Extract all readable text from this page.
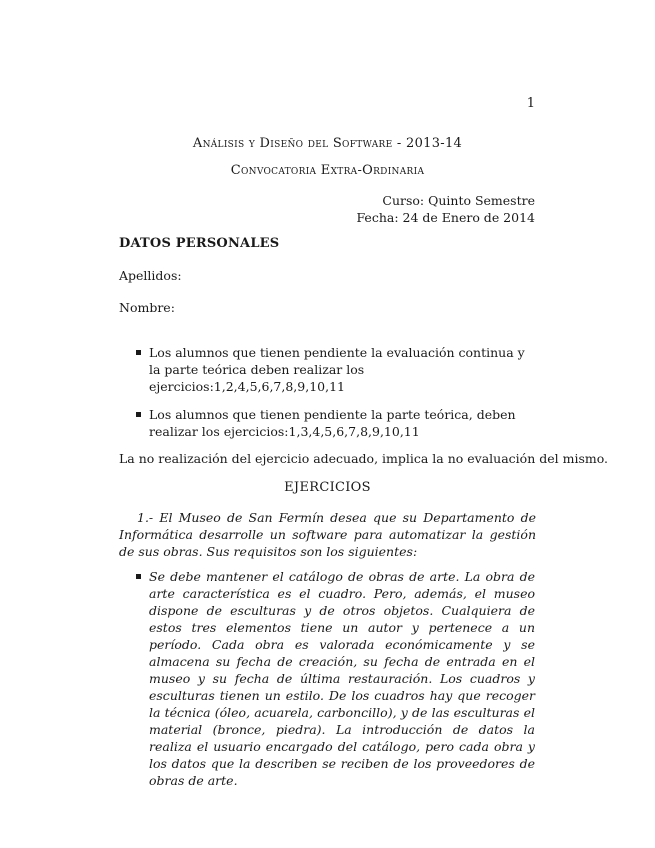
1
Análisis y Diseño del Software - 2013-14
Convocatoria Extra-Ordinaria
Curso: Quinto Semestre
Fecha: 24 de Enero de 2014
DATOS PERSONALES
Apellidos:
Nombre:
Los alumnos que tienen pendiente la evaluación continua y la parte teórica deben realizar los ejercicios:1,2,4,5,6,7,8,9,10,11
Los alumnos que tienen pendiente la parte teórica, deben realizar los ejercicios:1,3,4,5,6,7,8,9,10,11
La no realización del ejercicio adecuado, implica la no evaluación del mismo.
EJERCICIOS

1.- El Museo de San Fermín desea que su Departamento de Informática desarrolle un software para automatizar la gestión de sus obras. Sus requisitos son los siguientes:

Se debe mantener el catálogo de obras de arte. La obra de arte característica es el cuadro. Pero, además, el museo dispone de esculturas y de otros objetos. Cualquiera de estos tres elementos tiene un autor y pertenece a un período. Cada obra es valorada económicamente y se almacena su fecha de creación, su fecha de entrada en el museo y su fecha de última restauración. Los cuadros y esculturas tienen un estilo. De los cuadros hay que recoger la técnica (óleo, acuarela, carboncillo), y de las esculturas el material (bronce, piedra). La introducción de datos la realiza el usuario encargado del catálogo, pero cada obra y los datos que la describen se reciben de los proveedores de obras de arte.
